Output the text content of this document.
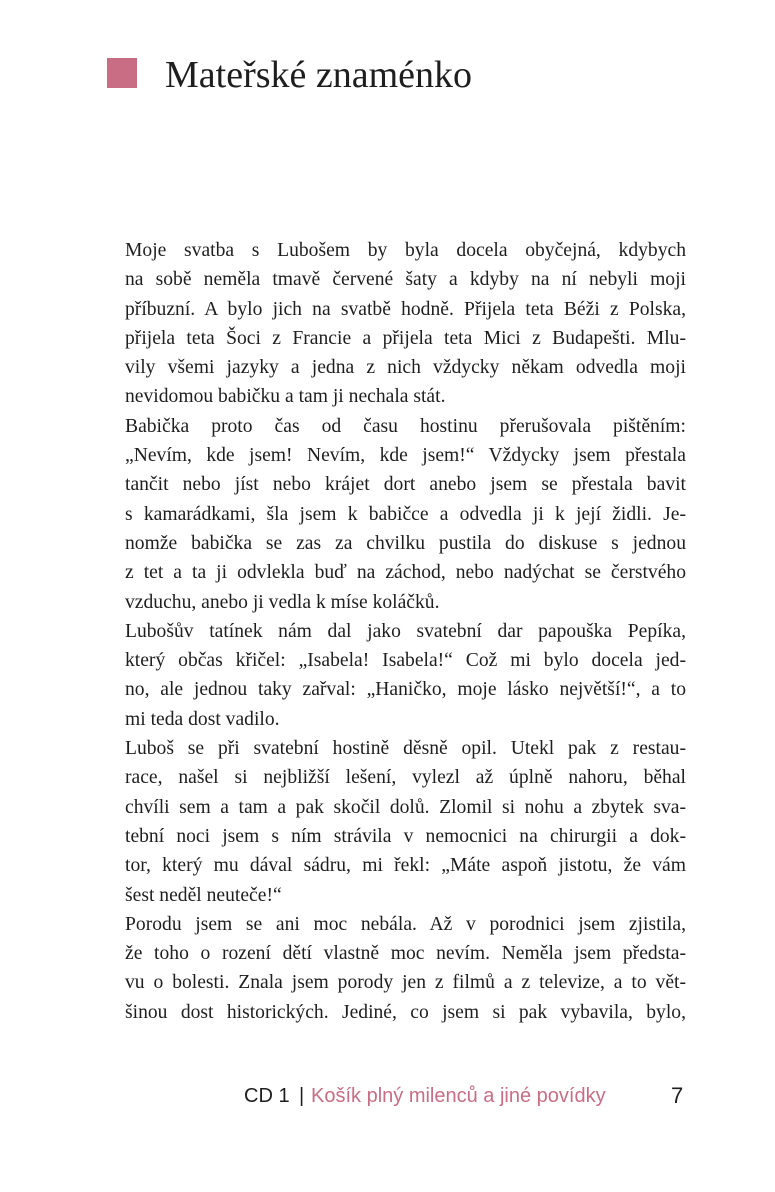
Mateřské znaménko

Moje svatba s Lubošem by byla docela obyčejná, kdybych
na sobě neměla tmavě červené šaty a kdyby na ní nebyli moji
příbuzní. A bylo jich na svatbě hodně. Přijela teta Béži z Polska,
přijela teta Šoci z Francie a přijela teta Mici z Budapešti. Mlu-
vily všemi jazyky a jedna z nich vždycky někam odvedla moji
nevidomou babičku a tam ji nechala stát.

Babička proto čas od času hostinu přerušovala pištěním:
„Nevím, kde jsem! Nevím, kde jsem!“ Vždycky jsem přestala
tančit nebo jíst nebo krájet dort anebo jsem se přestala bavit
s kamarádkami, šla jsem k babičce a odvedla ji k její židli. Je-
nomže babička se zas za chvilku pustila do diskuse s jednou
z tet a ta ji odvlekla buď na záchod, nebo nadýchat se čerstvého
vzduchu, anebo ji vedla k míse koláčků.

Lubošův tatínek nám dal jako svatební dar papouška Pepíka,
který občas křičel: „Isabela! Isabela!“ Což mi bylo docela jed-
no, ale jednou taky zařval: „Haničko, moje lásko největší!“, a to
mi teda dost vadilo.

Luboš se při svatební hostině děsně opil. Utekl pak z restau-
race, našel si nejbližší lešení, vylezl až úplně nahoru, běhal
chvíli sem a tam a pak skočil dolů. Zlomil si nohu a zbytek sva-
tební noci jsem s ním strávila v nemocnici na chirurgii a dok-
tor, který mu dával sádru, mi řekl: „Máte aspoň jistotu, že vám
šest neděl neuteče!“

Porodu jsem se ani moc nebála. Až v porodnici jsem zjistila,
že toho o rození dětí vlastně moc nevím. Neměla jsem předsta-
vu o bolesti. Znala jsem porody jen z filmů a z televize, a to vět-
šinou dost historických. Jediné, co jsem si pak vybavila, bylo,

CD 1 | Košík plný milenců a jiné povídky	7
